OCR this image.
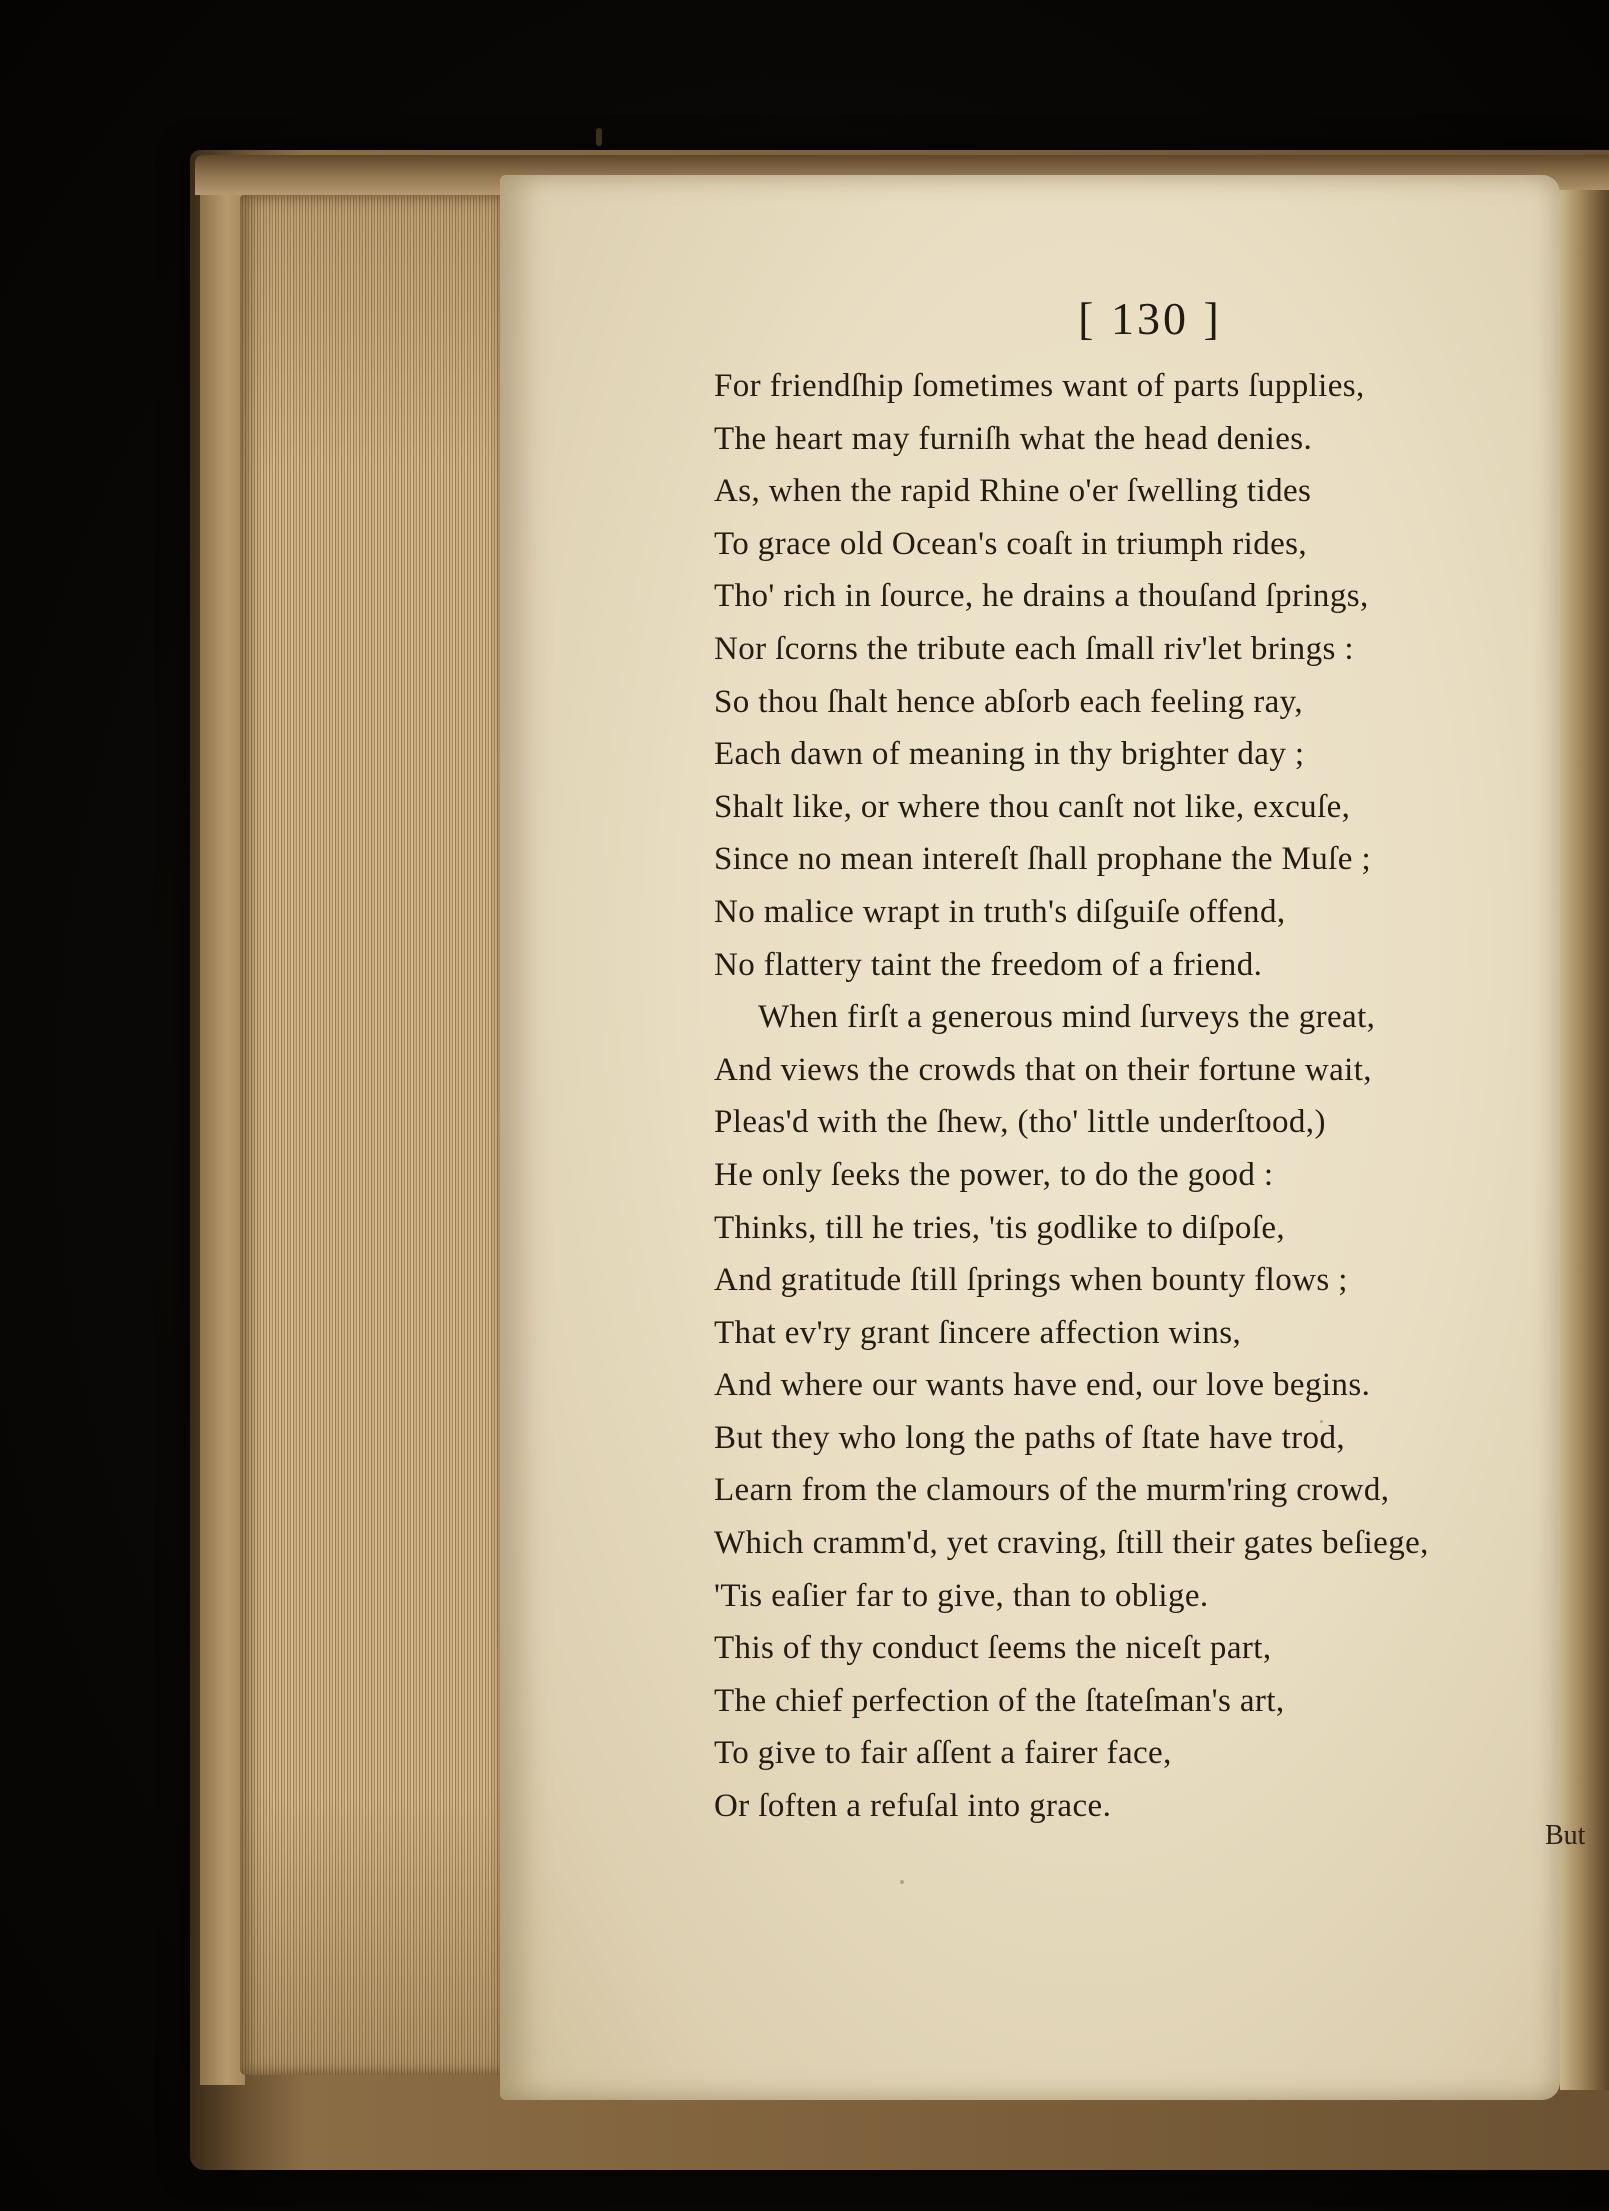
[ 130 ]
For friendſhip ſometimes want of parts ſupplies,
The heart may furniſh what the head denies.
As, when the rapid Rhine o'er ſwelling tides
To grace old Ocean's coaſt in triumph rides,
Tho' rich in ſource, he drains a thouſand ſprings,
Nor ſcorns the tribute each ſmall riv'let brings :
So thou ſhalt hence abſorb each feeling ray,
Each dawn of meaning in thy brighter day ;
Shalt like, or where thou canſt not like, excuſe,
Since no mean intereſt ſhall prophane the Muſe ;
No malice wrapt in truth's diſguiſe offend,
No flattery taint the freedom of a friend.
When firſt a generous mind ſurveys the great,
And views the crowds that on their fortune wait,
Pleas'd with the ſhew, (tho' little underſtood,)
He only ſeeks the power, to do the good :
Thinks, till he tries, 'tis godlike to diſpoſe,
And gratitude ſtill ſprings when bounty flows ;
That ev'ry grant ſincere affection wins,
And where our wants have end, our love begins.
But they who long the paths of ſtate have trod,
Learn from the clamours of the murm'ring crowd,
Which cramm'd, yet craving, ſtill their gates beſiege,
'Tis eaſier far to give, than to oblige.
This of thy conduct ſeems the niceſt part,
The chief perfection of the ſtateſman's art,
To give to fair aſſent a fairer face,
Or ſoften a refuſal into grace.
But
